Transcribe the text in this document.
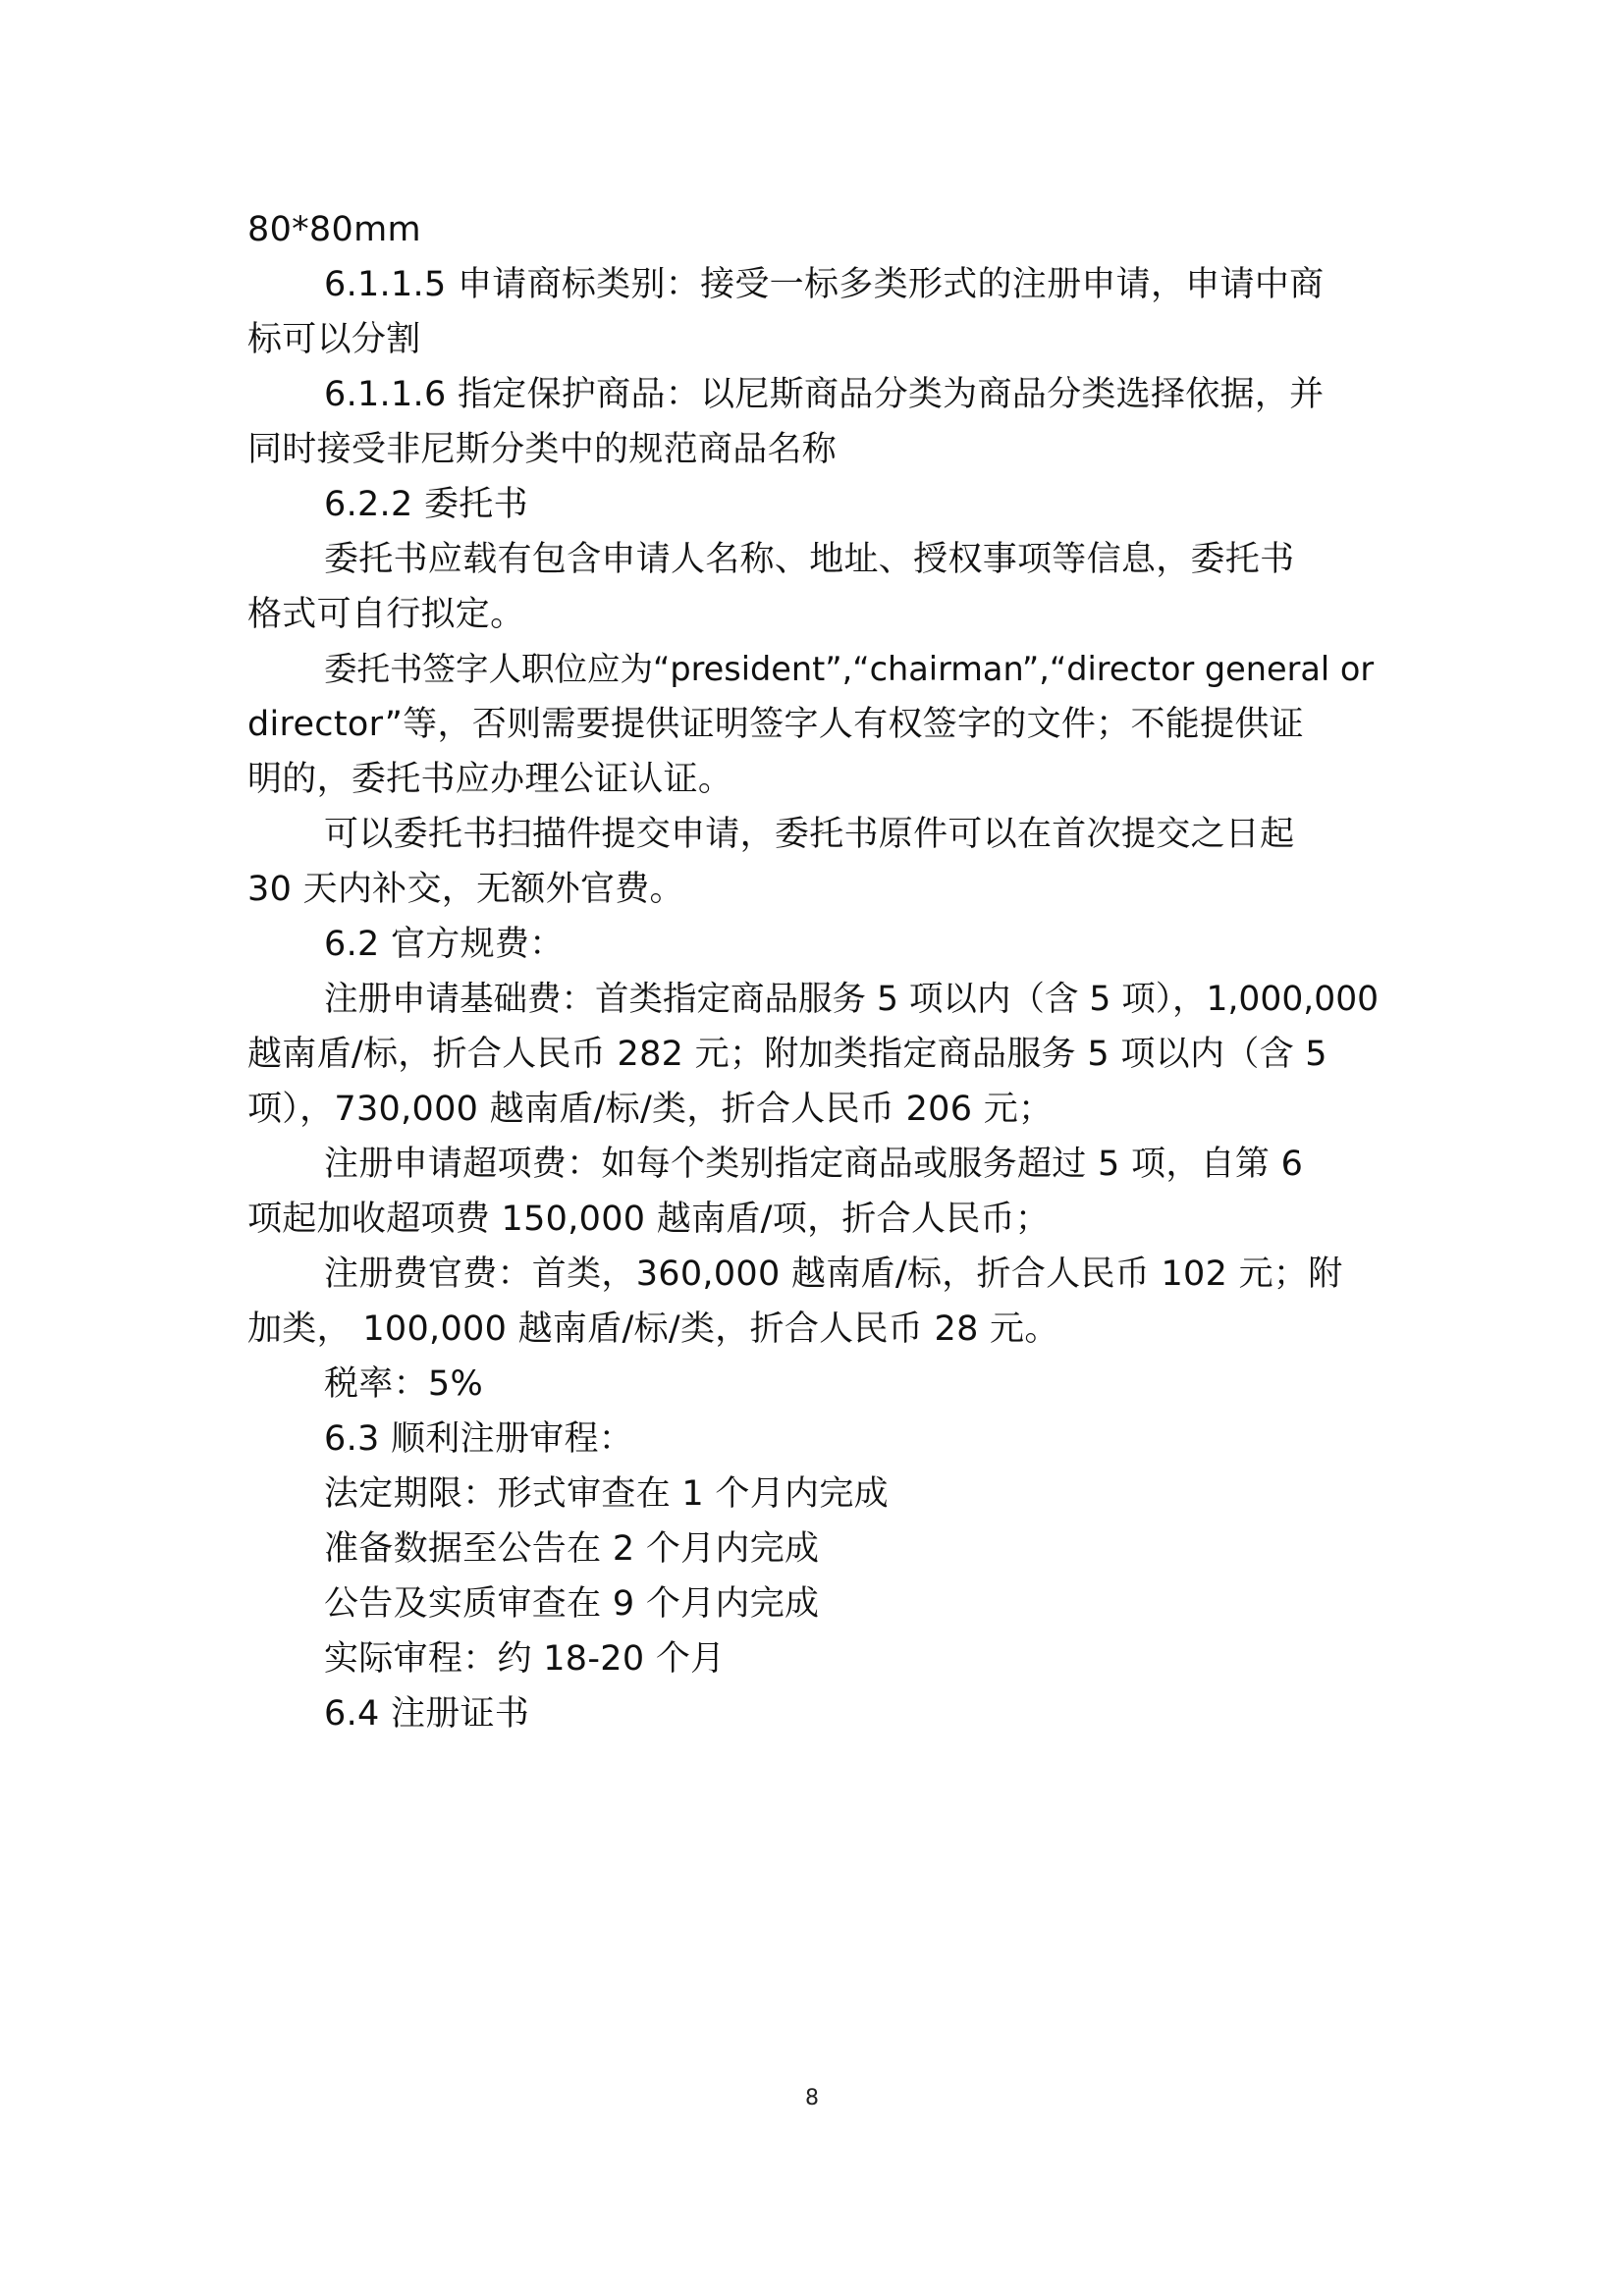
80*80mm
6.1.1.5 申请商标类别：接受一标多类形式的注册申请，申请中商
标可以分割
6.1.1.6 指定保护商品：以尼斯商品分类为商品分类选择依据，并
同时接受非尼斯分类中的规范商品名称
6.2.2 委托书
委托书应载有包含申请人名称、地址、授权事项等信息，委托书
格式可自行拟定。
委托书签字人职位应为“president”,“chairman”,“director general or
director”等，否则需要提供证明签字人有权签字的文件；不能提供证
明的，委托书应办理公证认证。
可以委托书扫描件提交申请，委托书原件可以在首次提交之日起
30 天内补交，无额外官费。
6.2 官方规费：
注册申请基础费：首类指定商品服务 5 项以内（含 5 项），1,000,000
越南盾/标，折合人民币 282 元；附加类指定商品服务 5 项以内（含 5
项），730,000 越南盾/标/类，折合人民币 206 元；
注册申请超项费：如每个类别指定商品或服务超过 5 项，自第 6
项起加收超项费 150,000 越南盾/项，折合人民币；
注册费官费：首类，360,000 越南盾/标，折合人民币 102 元；附
加类， 100,000 越南盾/标/类，折合人民币 28 元。
税率：5%
6.3 顺利注册审程：
法定期限：形式审查在 1 个月内完成
准备数据至公告在 2 个月内完成
公告及实质审查在 9 个月内完成
实际审程：约 18-20 个月
6.4 注册证书
8
